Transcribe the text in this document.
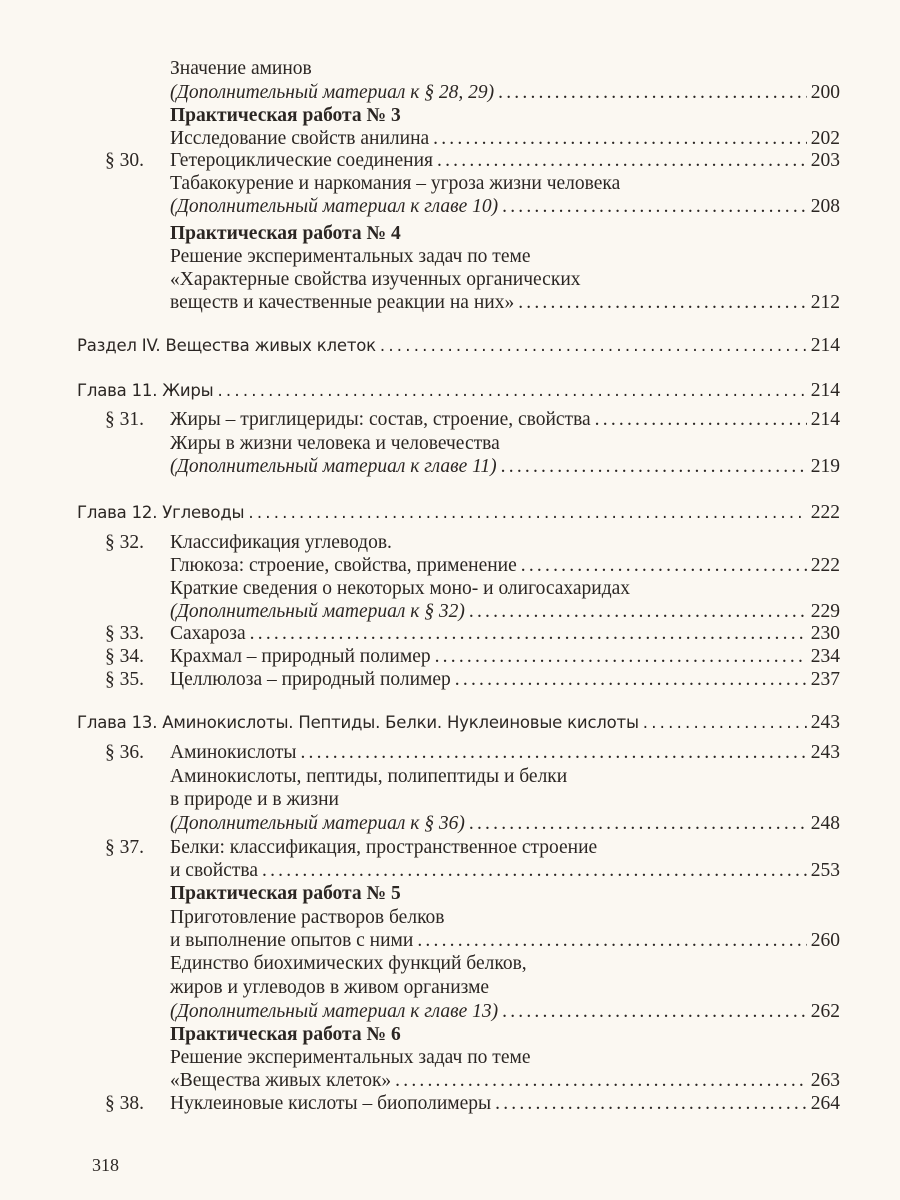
Значение аминов
(Дополнительный материал к § 28, 29) .....	200
Практическая работа № 3
Исследование свойств анилина .....	202
§ 30. Гетероциклические соединения .....	203
Табакокурение и наркомания – угроза жизни человека
(Дополнительный материал к главе 10) .....	208
Практическая работа № 4
Решение экспериментальных задач по теме
«Характерные свойства изученных органических
веществ и качественные реакции на них» .....	212
Раздел IV. Вещества живых клеток .....	214
Глава 11. Жиры .....	214
§ 31. Жиры – триглицериды: состав, строение, свойства .....	214
Жиры в жизни человека и человечества
(Дополнительный материал к главе 11) .....	219
Глава 12. Углеводы .....	222
§ 32. Классификация углеводов.
Глюкоза: строение, свойства, применение .....	222
Краткие сведения о некоторых моно- и олигосахаридах
(Дополнительный материал к § 32) .....	229
§ 33. Сахароза .....	230
§ 34. Крахмал – природный полимер .....	234
§ 35. Целлюлоза – природный полимер .....	237
Глава 13. Аминокислоты. Пептиды. Белки. Нуклеиновые кислоты .....	243
§ 36. Аминокислоты .....	243
Аминокислоты, пептиды, полипептиды и белки
в природе и в жизни
(Дополнительный материал к § 36) .....	248
§ 37. Белки: классификация, пространственное строение
и свойства .....	253
Практическая работа № 5
Приготовление растворов белков
и выполнение опытов с ними .....	260
Единство биохимических функций белков,
жиров и углеводов в живом организме
(Дополнительный материал к главе 13) .....	262
Практическая работа № 6
Решение экспериментальных задач по теме
«Вещества живых клеток» .....	263
§ 38. Нуклеиновые кислоты – биополимеры .....	264
318
